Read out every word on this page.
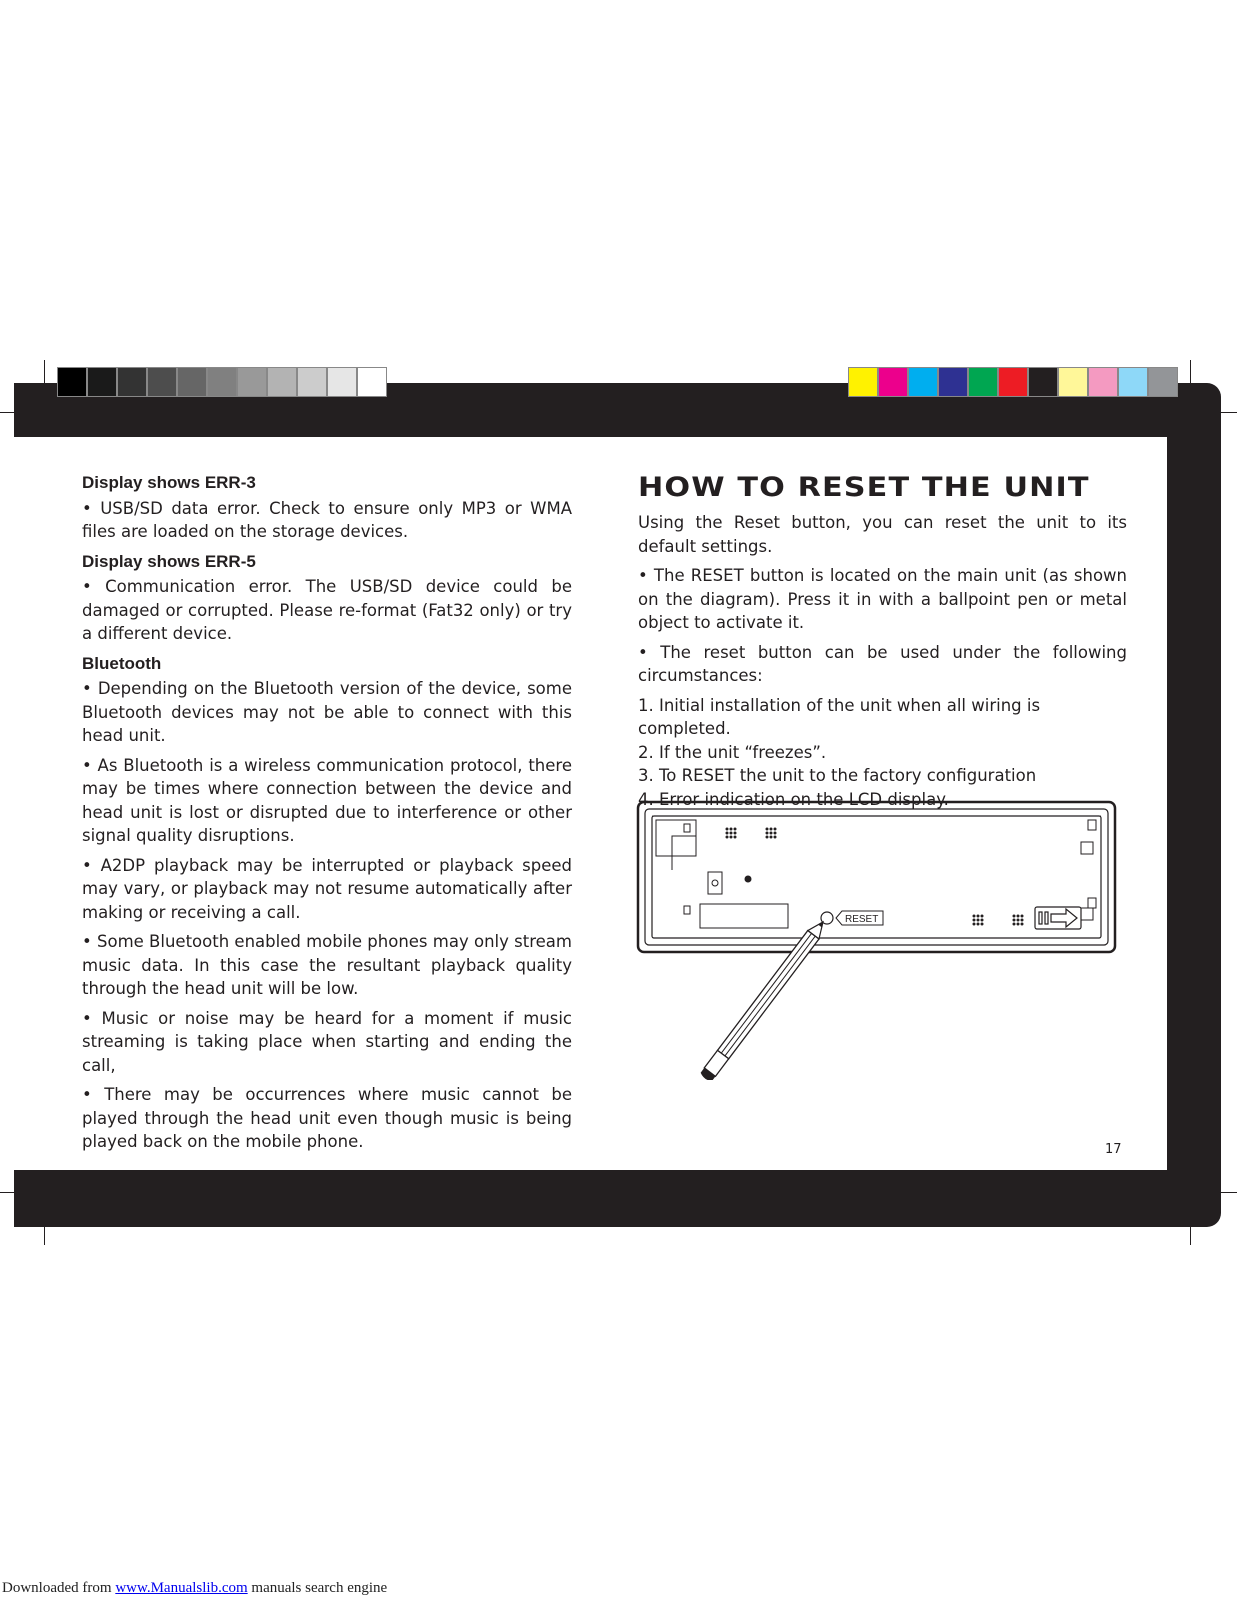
Display shows ERR-3
• USB/SD data error. Check to ensure only MP3 or WMA files are loaded on the storage devices.
Display shows ERR-5
• Communication error. The USB/SD device could be damaged or corrupted. Please re-format (Fat32 only) or try a different device.
Bluetooth
• Depending on the Bluetooth version of the device, some Bluetooth devices may not be able to connect with this head unit.
• As Bluetooth is a wireless communication protocol, there may be times where connection between the device and head unit is lost or disrupted due to interference or other signal quality disruptions.
• A2DP playback may be interrupted or playback speed may vary, or playback may not resume automatically after making or receiving a call.
• Some Bluetooth enabled mobile phones may only stream music data. In this case the resultant playback quality through the head unit will be low.
• Music or noise may be heard for a moment if music streaming is taking place when starting and ending the call,
• There may be occurrences where music cannot be played through the head unit even though music is being played back on the mobile phone.
HOW TO RESET THE UNIT
Using the Reset button, you can reset the unit to its default settings.
• The RESET button is located on the main unit (as shown on the diagram). Press it in with a ballpoint pen or metal object to activate it.
• The reset button can be used under the following circumstances:
1. Initial installation of the unit when all wiring is completed.
2. If the unit “freezes”.
3. To RESET the unit to the factory configuration
4. Error indication on the LCD display.
RESET
17
Downloaded from www.Manualslib.com manuals search engine
